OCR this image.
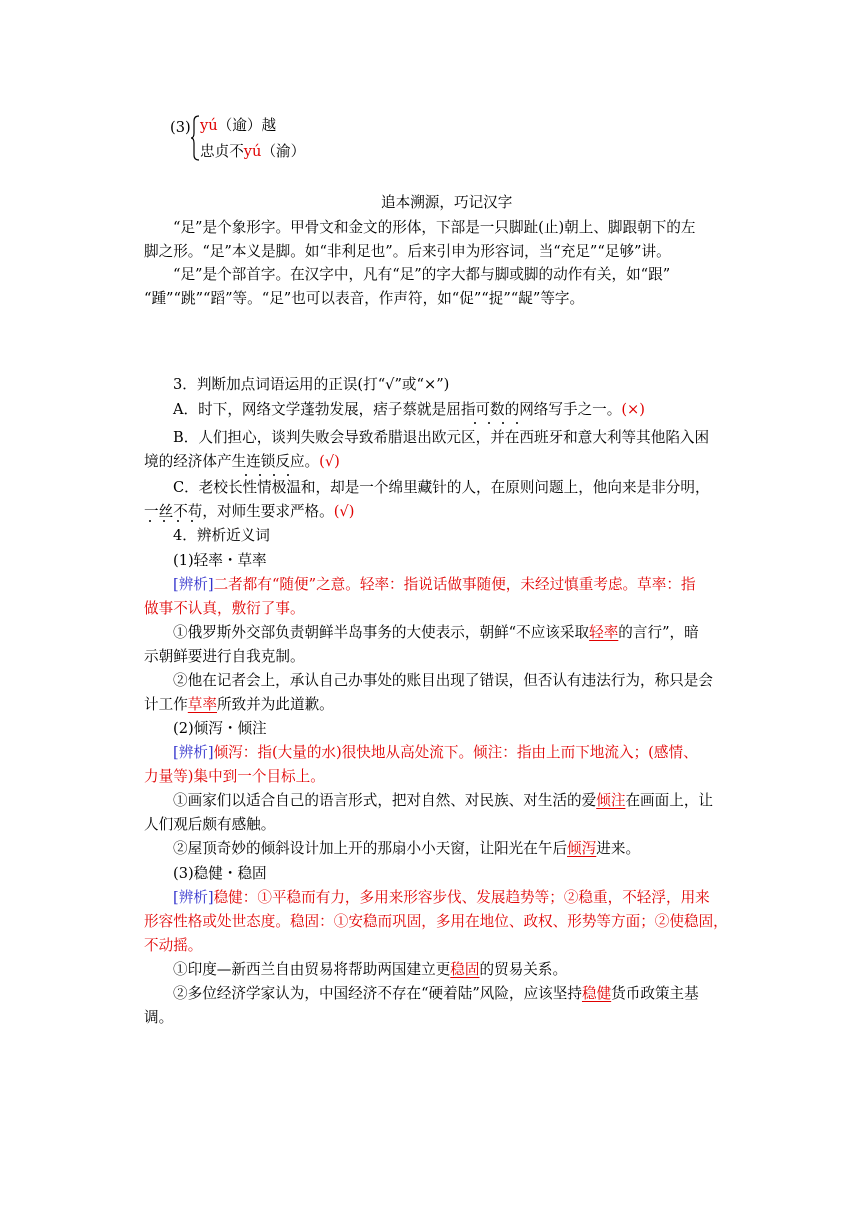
(3) yú（逾）越
忠贞不yú（渝）
追本溯源，巧记汉字
“足”是个象形字。甲骨文和金文的形体，下部是一只脚趾(止)朝上、脚跟朝下的左
脚之形。“足”本义是脚。如“非利足也”。后来引申为形容词，当“充足”“足够”讲。
“足”是个部首字。在汉字中，凡有“足”的字大都与脚或脚的动作有关，如“跟”
“踵”“跳”“蹈”等。“足”也可以表音，作声符，如“促”“捉”“龊”等字。
3．判断加点词语运用的正误(打“√”或“×”)
A．时下，网络文学蓬勃发展，痞子蔡就是屈指可数的网络写手之一。(×)
B．人们担心，谈判失败会导致希腊退出欧元区，并在西班牙和意大利等其他陷入困
境的经济体产生连锁反应。(√)
C．老校长性情极温和，却是一个绵里藏针的人，在原则问题上，他向来是非分明，
一丝不苟，对师生要求严格。(√)
4．辨析近义词
(1)轻率・草率
[辨析]二者都有“随便”之意。轻率：指说话做事随便，未经过慎重考虑。草率：指
做事不认真，敷衍了事。
①俄罗斯外交部负责朝鲜半岛事务的大使表示，朝鲜“不应该采取轻率的言行”，暗
示朝鲜要进行自我克制。
②他在记者会上，承认自己办事处的账目出现了错误，但否认有违法行为，称只是会
计工作草率所致并为此道歉。
(2)倾泻・倾注
[辨析]倾泻：指(大量的水)很快地从高处流下。倾注：指由上而下地流入；(感情、
力量等)集中到一个目标上。
①画家们以适合自己的语言形式，把对自然、对民族、对生活的爱倾注在画面上，让
人们观后颇有感触。
②屋顶奇妙的倾斜设计加上开的那扇小小天窗，让阳光在午后倾泻进来。
(3)稳健・稳固
[辨析]稳健：①平稳而有力，多用来形容步伐、发展趋势等；②稳重，不轻浮，用来
形容性格或处世态度。稳固：①安稳而巩固，多用在地位、政权、形势等方面；②使稳固，
不动摇。
①印度—新西兰自由贸易将帮助两国建立更稳固的贸易关系。
②多位经济学家认为，中国经济不存在“硬着陆”风险，应该坚持稳健货币政策主基
调。
